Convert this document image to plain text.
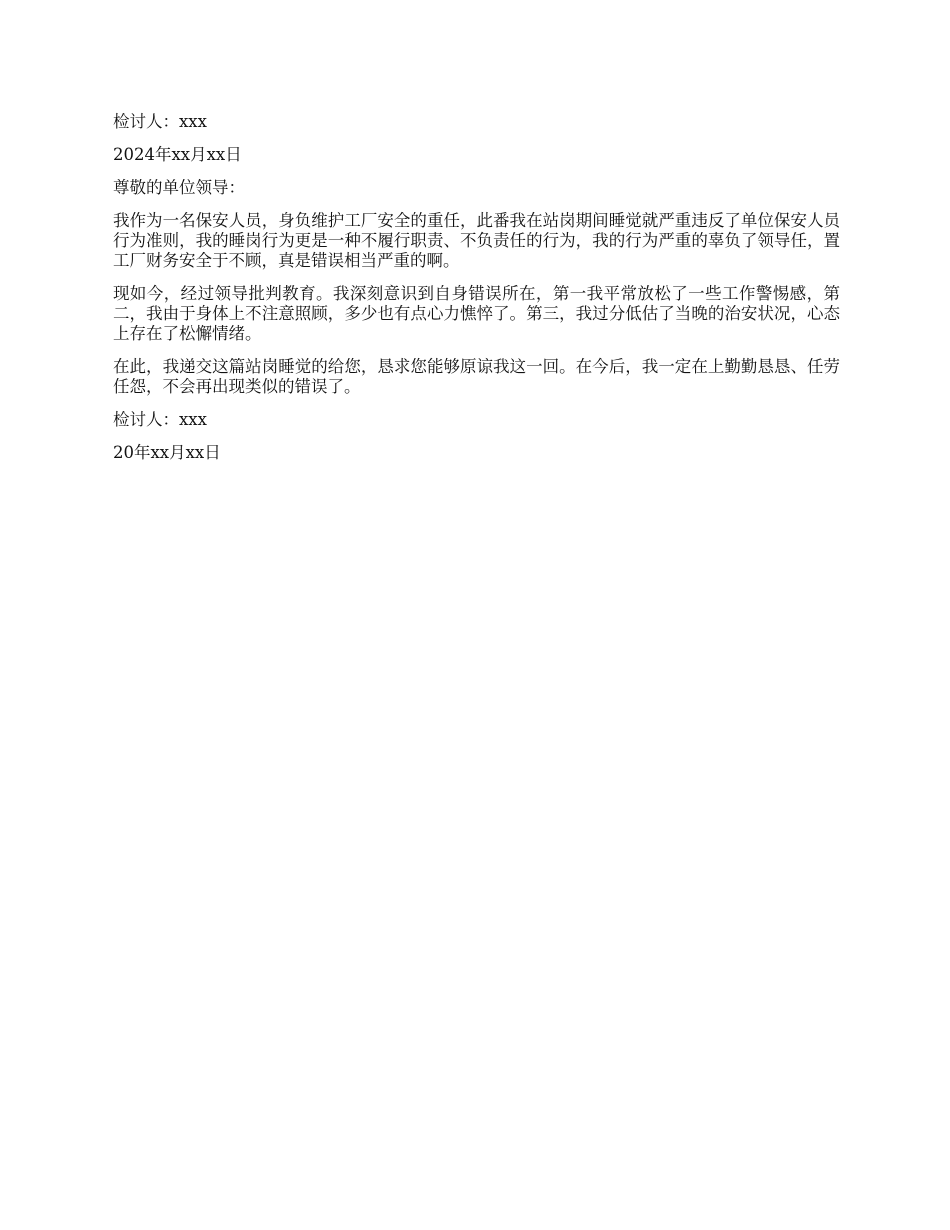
检讨人：xxx

2024年xx月xx日

尊敬的单位领导：

我作为一名保安人员，身负维护工厂安全的重任，此番我在站岗期间睡觉就严重违反了单位保安人员行为准则，我的睡岗行为更是一种不履行职责、不负责任的行为，我的行为严重的辜负了领导任，置工厂财务安全于不顾，真是错误相当严重的啊。

现如今，经过领导批判教育。我深刻意识到自身错误所在，第一我平常放松了一些工作警惕感，第二，我由于身体上不注意照顾，多少也有点心力憔悴了。第三，我过分低估了当晚的治安状况，心态上存在了松懈情绪。

在此，我递交这篇站岗睡觉的给您，恳求您能够原谅我这一回。在今后，我一定在上勤勤恳恳、任劳任怨，不会再出现类似的错误了。

检讨人：xxx

20年xx月xx日
